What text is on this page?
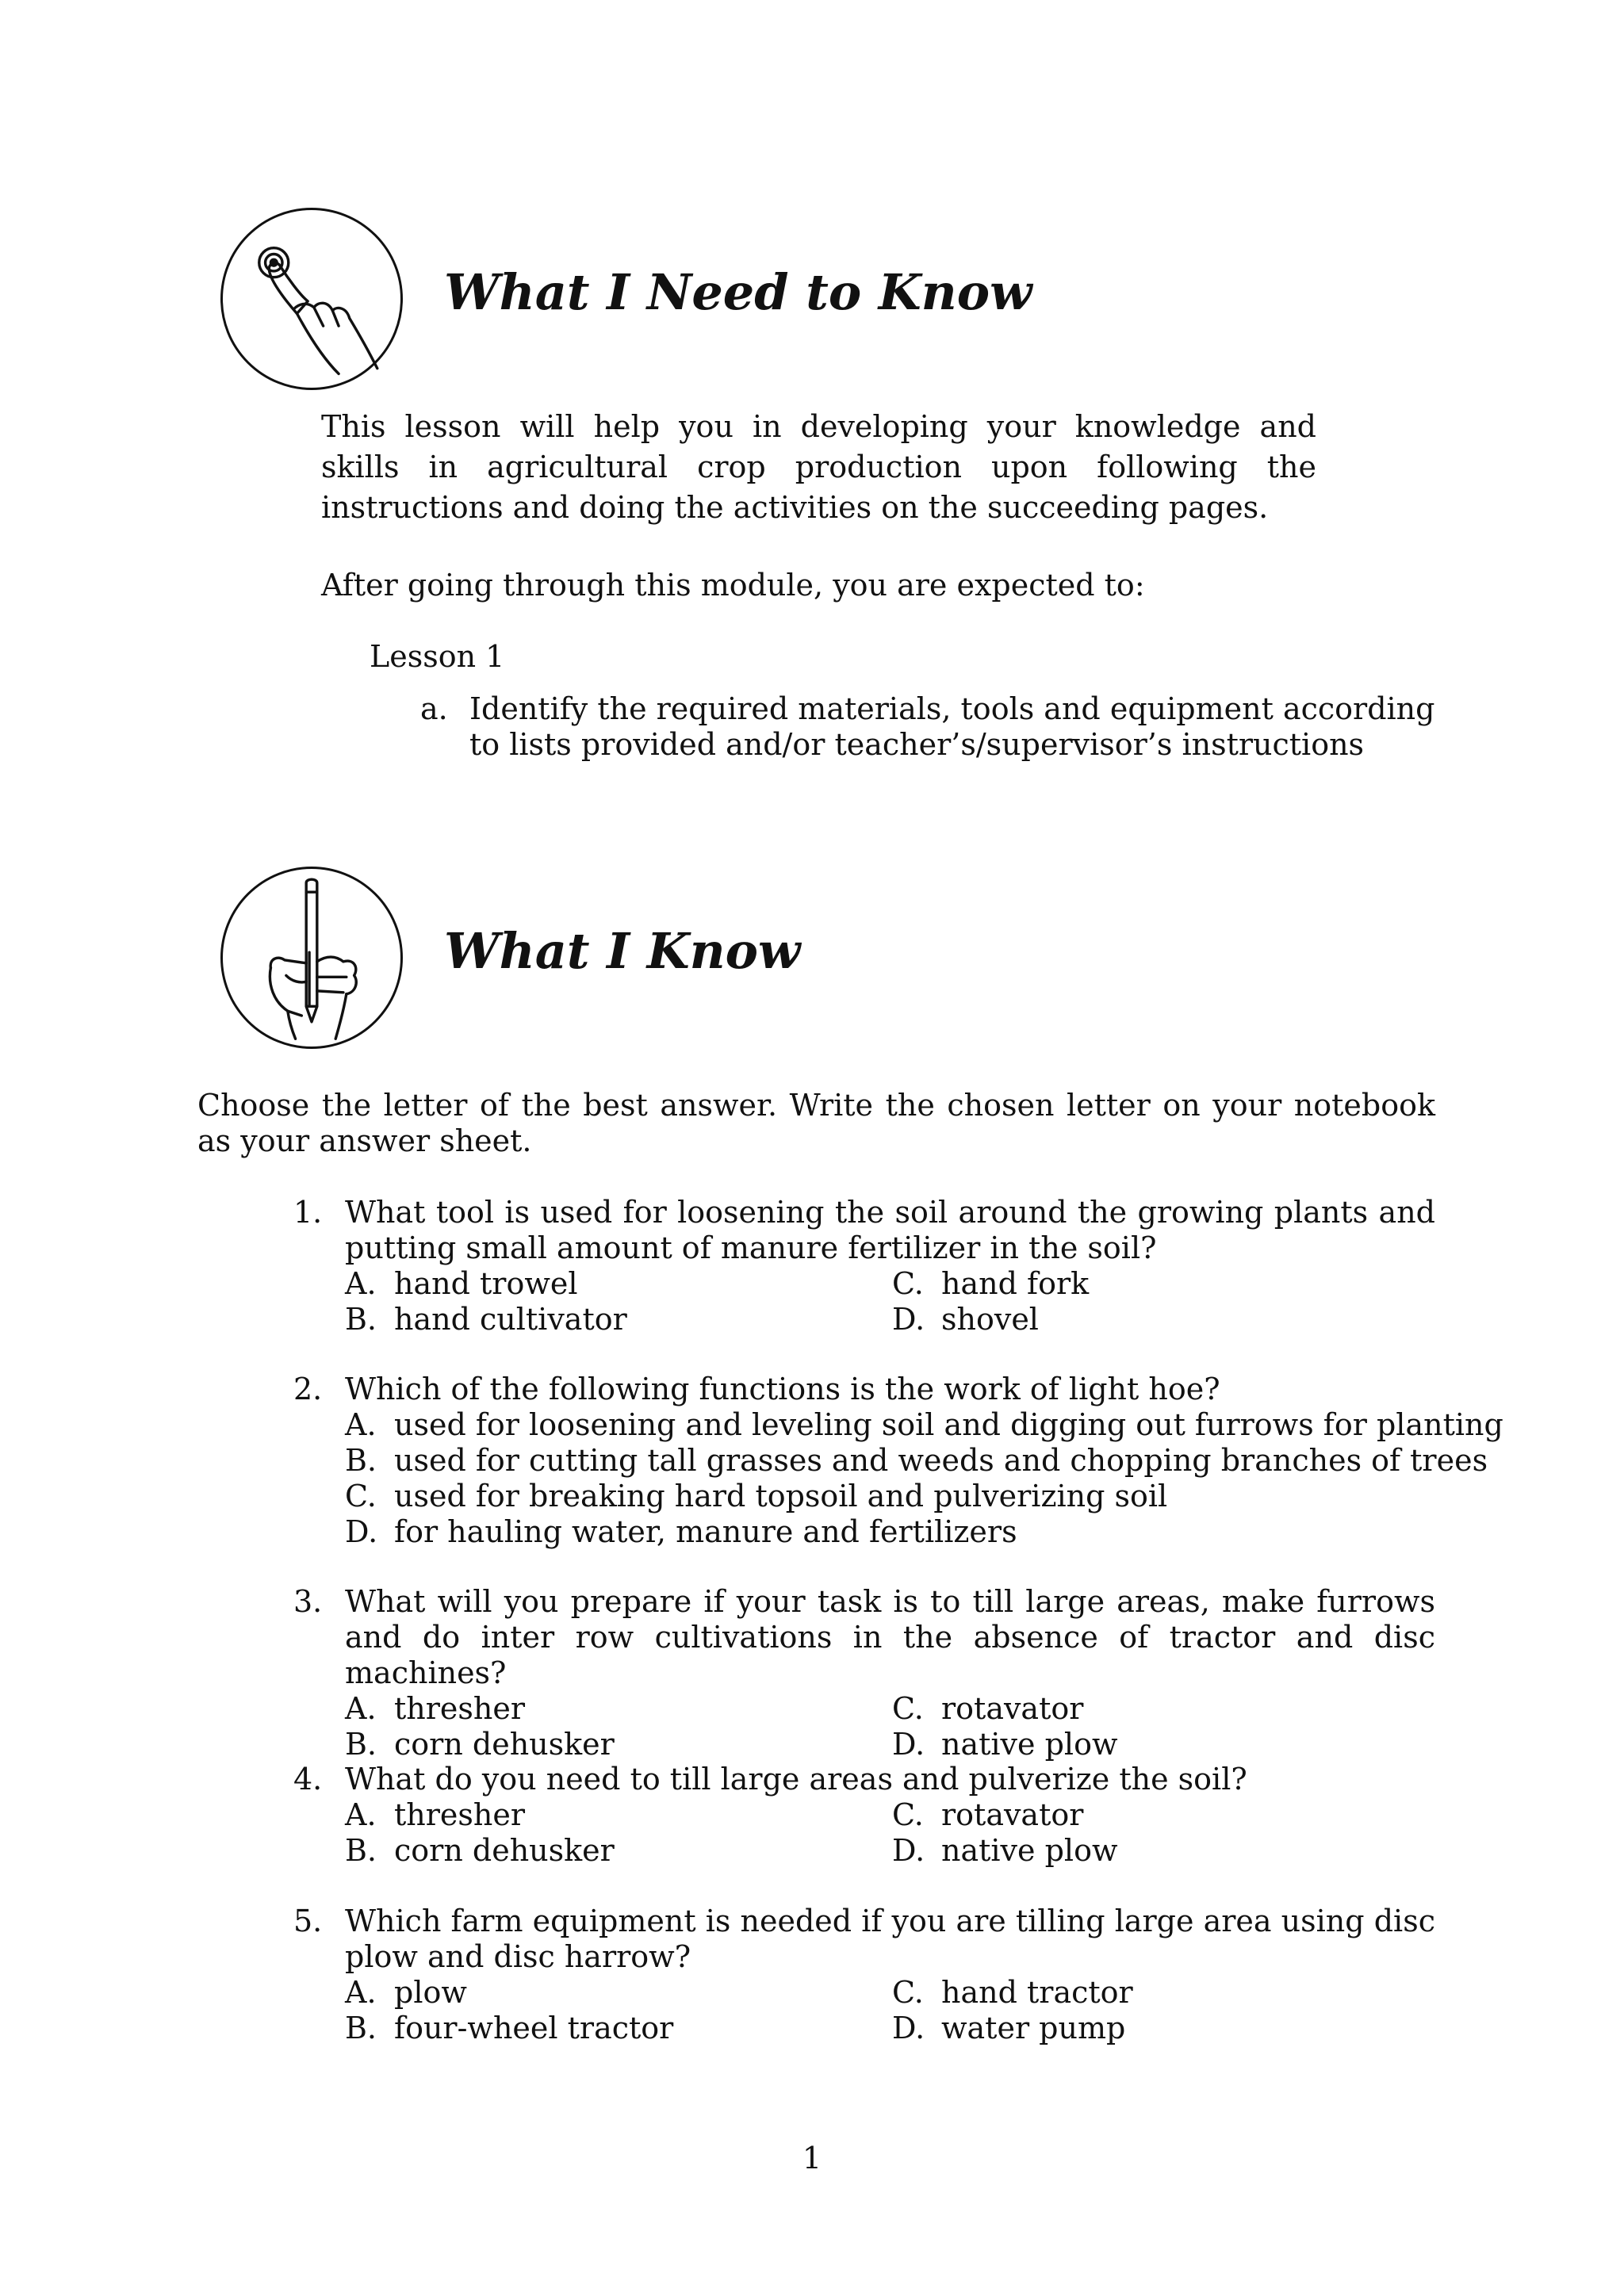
What I Need to Know

This lesson will help you in developing your knowledge and skills in agricultural crop production upon following the instructions and doing the activities on the succeeding pages.

After going through this module, you are expected to:

Lesson 1

a. Identify the required materials, tools and equipment according to lists provided and/or teacher’s/supervisor’s instructions
What I Know

Choose the letter of the best answer. Write the chosen letter on your notebook as your answer sheet.

1. What tool is used for loosening the soil around the growing plants and putting small amount of manure fertilizer in the soil?
A. hand trowel	C. hand fork
B. hand cultivator	D. shovel
2. Which of the following functions is the work of light hoe?
A. used for loosening and leveling soil and digging out furrows for planting
B. used for cutting tall grasses and weeds and chopping branches of trees
C. used for breaking hard topsoil and pulverizing soil
D. for hauling water, manure and fertilizers
3. What will you prepare if your task is to till large areas, make furrows and do inter row cultivations in the absence of tractor and disc machines?
A. thresher	C. rotavator
B. corn dehusker	D. native plow
4. What do you need to till large areas and pulverize the soil?
A. thresher	C. rotavator
B. corn dehusker	D. native plow
5. Which farm equipment is needed if you are tilling large area using disc plow and disc harrow?
A. plow	C. hand tractor
B. four-wheel tractor	D. water pump
1
